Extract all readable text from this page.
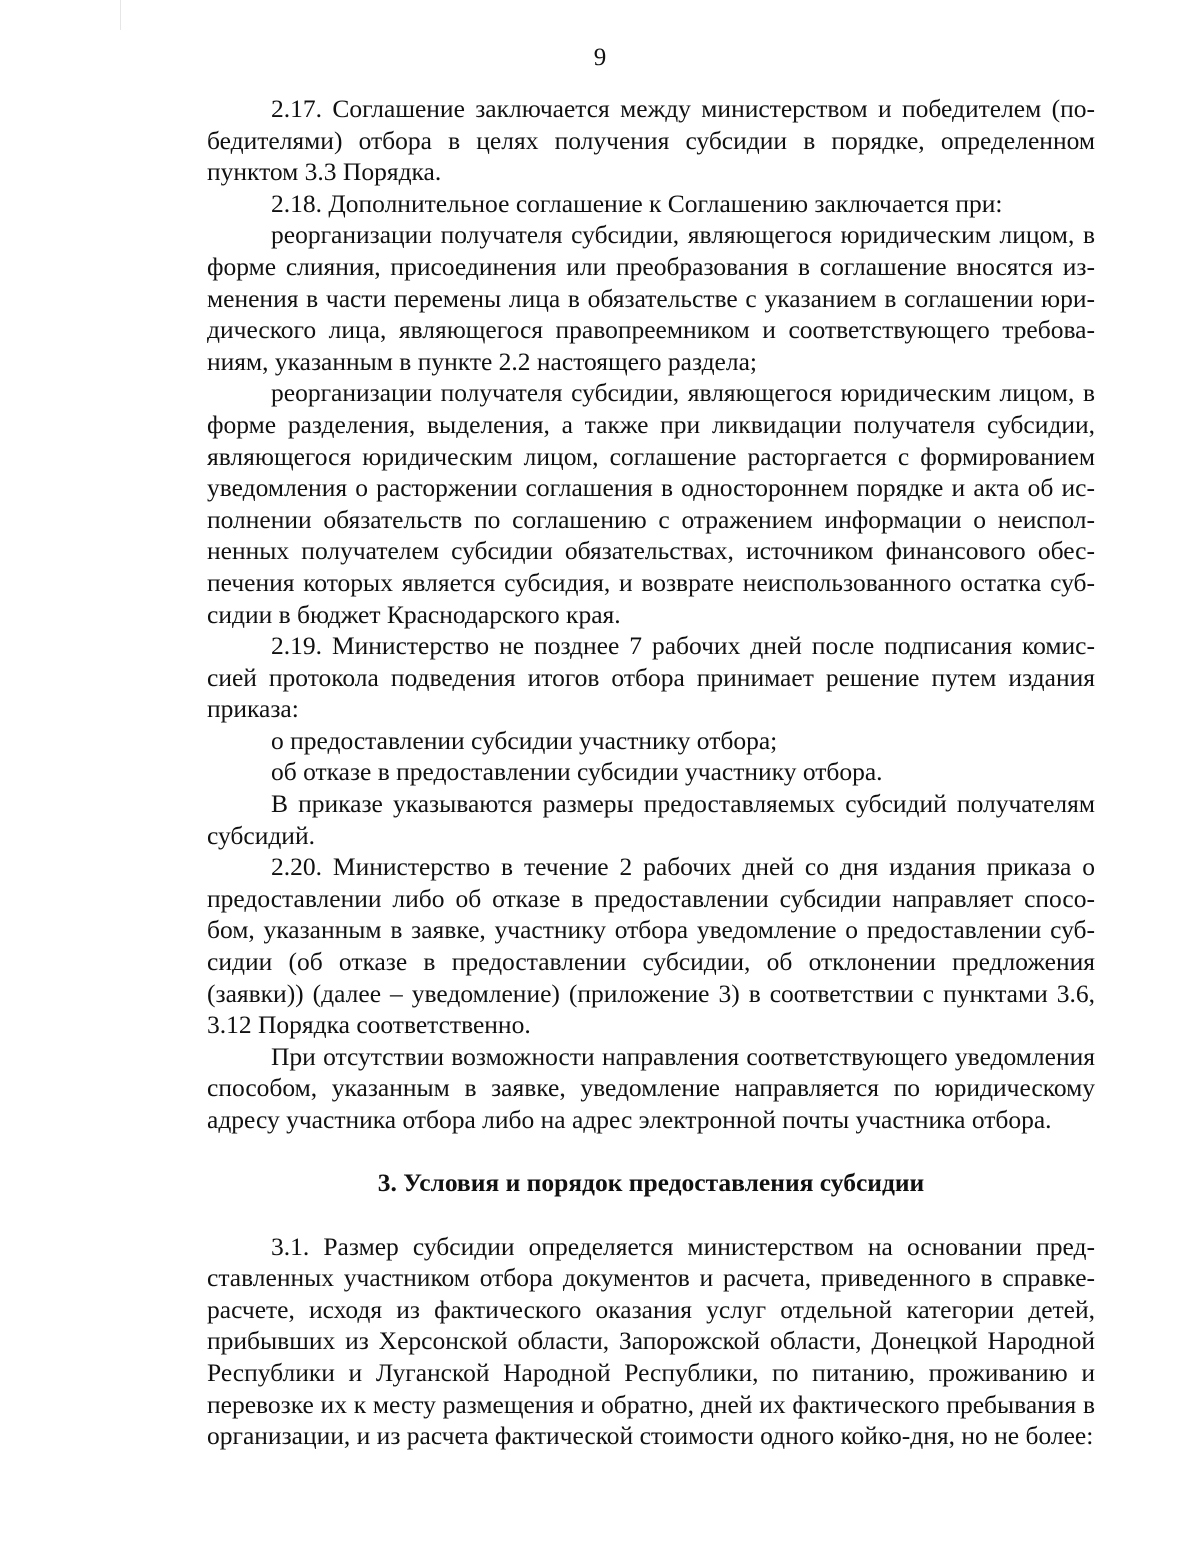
9

2.17. Соглашение заключается между министерством и победителем (победителями) отбора в целях получения субсидии в порядке, определенном пунктом 3.3 Порядка.

2.18. Дополнительное соглашение к Соглашению заключается при:

реорганизации получателя субсидии, являющегося юридическим лицом, в форме слияния, присоединения или преобразования в соглашение вносятся изменения в части перемены лица в обязательстве с указанием в соглашении юридического лица, являющегося правопреемником и соответствующего требованиям, указанным в пункте 2.2 настоящего раздела;

реорганизации получателя субсидии, являющегося юридическим лицом, в форме разделения, выделения, а также при ликвидации получателя субсидии, являющегося юридическим лицом, соглашение расторгается с формированием уведомления о расторжении соглашения в одностороннем порядке и акта об исполнении обязательств по соглашению с отражением информации о неисполненных получателем субсидии обязательствах, источником финансового обеспечения которых является субсидия, и возврате неиспользованного остатка субсидии в бюджет Краснодарского края.

2.19. Министерство не позднее 7 рабочих дней после подписания комиссией протокола подведения итогов отбора принимает решение путем издания приказа:

о предоставлении субсидии участнику отбора;

об отказе в предоставлении субсидии участнику отбора.

В приказе указываются размеры предоставляемых субсидий получателям субсидий.

2.20. Министерство в течение 2 рабочих дней со дня издания приказа о предоставлении либо об отказе в предоставлении субсидии направляет способом, указанным в заявке, участнику отбора уведомление о предоставлении субсидии (об отказе в предоставлении субсидии, об отклонении предложения (заявки)) (далее – уведомление) (приложение 3) в соответствии с пунктами 3.6, 3.12 Порядка соответственно.

При отсутствии возможности направления соответствующего уведомления способом, указанным в заявке, уведомление направляется по юридическому адресу участника отбора либо на адрес электронной почты участника отбора.

3. Условия и порядок предоставления субсидии

3.1. Размер субсидии определяется министерством на основании представленных участником отбора документов и расчета, приведенного в справке-расчете, исходя из фактического оказания услуг отдельной категории детей, прибывших из Херсонской области, Запорожской области, Донецкой Народной Республики и Луганской Народной Республики, по питанию, проживанию и перевозке их к месту размещения и обратно, дней их фактического пребывания в организации, и из расчета фактической стоимости одного койко-дня, но не более:
